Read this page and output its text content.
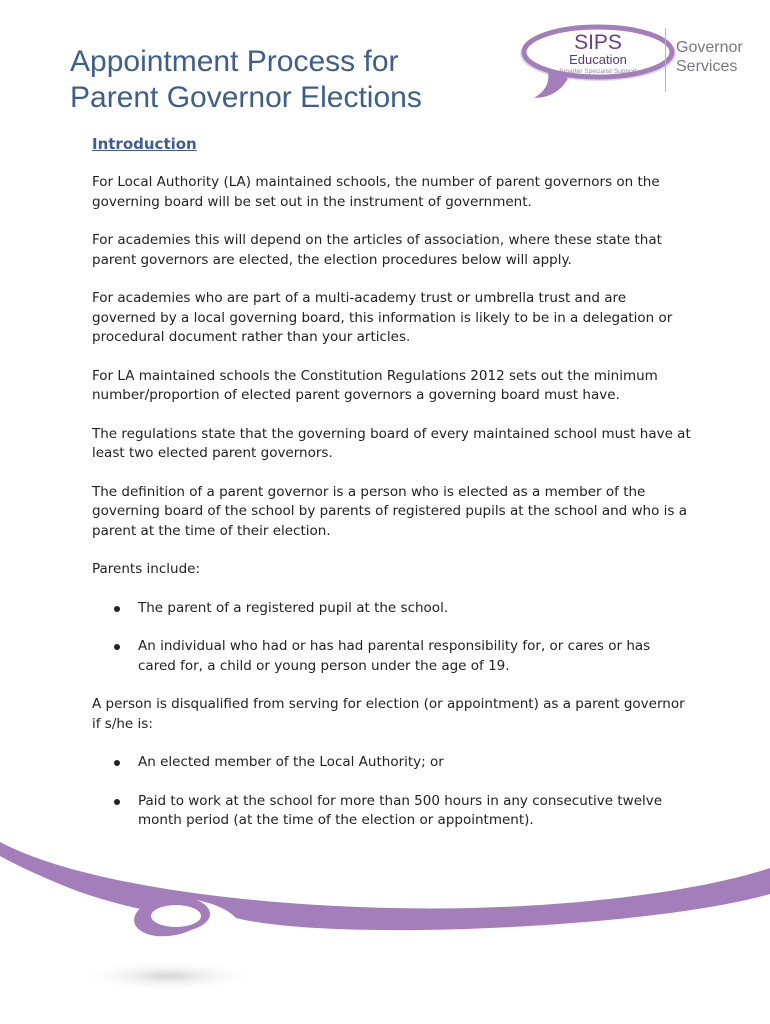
Appointment Process for
Parent Governor Elections
SIPS
Education
Smarter Specialist Support
Governor
Services
Introduction

For Local Authority (LA) maintained schools, the number of parent governors on the governing board will be set out in the instrument of government.

For academies this will depend on the articles of association, where these state that parent governors are elected, the election procedures below will apply.

For academies who are part of a multi-academy trust or umbrella trust and are governed by a local governing board, this information is likely to be in a delegation or procedural document rather than your articles.

For LA maintained schools the Constitution Regulations 2012 sets out the minimum number/proportion of elected parent governors a governing board must have.

The regulations state that the governing board of every maintained school must have at least two elected parent governors.

The definition of a parent governor is a person who is elected as a member of the governing board of the school by parents of registered pupils at the school and who is a parent at the time of their election.

Parents include:

The parent of a registered pupil at the school.
An individual who had or has had parental responsibility for, or cares or has cared for, a child or young person under the age of 19.

A person is disqualified from serving for election (or appointment) as a parent governor if s/he is:

An elected member of the Local Authority; or
Paid to work at the school for more than 500 hours in any consecutive twelve month period (at the time of the election or appointment).
